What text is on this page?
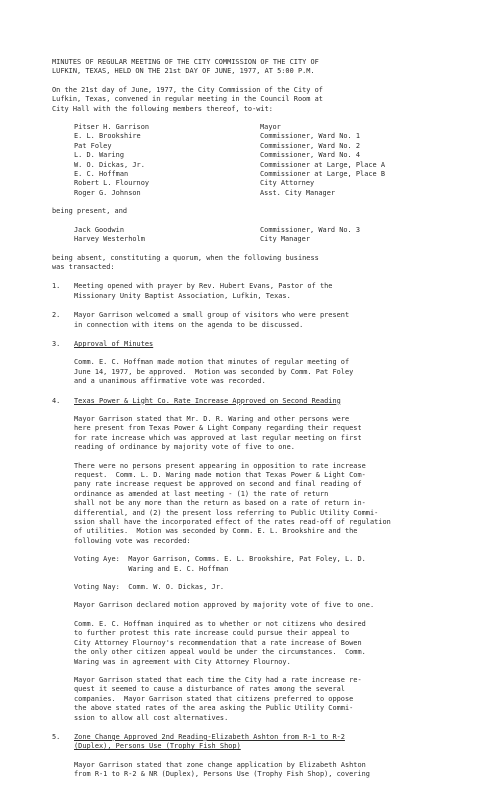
MINUTES OF REGULAR MEETING OF THE CITY COMMISSION OF THE CITY OF
LUFKIN, TEXAS, HELD ON THE 21st DAY OF JUNE, 1977, AT 5:00 P.M.
On the 21st day of June, 1977, the City Commission of the City of
Lufkin, Texas, convened in regular meeting in the Council Room at
City Hall with the following members thereof, to-wit:
Pitser H. Garrison	Mayor
E. L. Brookshire	Commissioner, Ward No. 1
Pat Foley	Commissioner, Ward No. 2
L. D. Waring	Commissioner, Ward No. 4
W. O. Dickas, Jr.	Commissioner at Large, Place A
E. C. Hoffman	Commissioner at Large, Place B
Robert L. Flournoy	City Attorney
Roger G. Johnson	Asst. City Manager
being present, and
Jack Goodwin	Commissioner, Ward No. 3
Harvey Westerholm	City Manager
being absent, constituting a quorum, when the following business
was transacted:
1.	Meeting opened with prayer by Rev. Hubert Evans, Pastor of the
Missionary Unity Baptist Association, Lufkin, Texas.
2.	Mayor Garrison welcomed a small group of visitors who were present
in connection with items on the agenda to be discussed.
3.	Approval of Minutes
Comm. E. C. Hoffman made motion that minutes of regular meeting of
June 14, 1977, be approved.  Motion was seconded by Comm. Pat Foley
and a unanimous affirmative vote was recorded.
4.	Texas Power & Light Co. Rate Increase Approved on Second Reading
Mayor Garrison stated that Mr. D. R. Waring and other persons were
here present from Texas Power & Light Company regarding their request
for rate increase which was approved at last regular meeting on first
reading of ordinance by majority vote of five to one.
There were no persons present appearing in opposition to rate increase
request.  Comm. L. D. Waring made motion that Texas Power & Light Com-
pany rate increase request be approved on second and final reading of
ordinance as amended at last meeting - (1) the rate of return
shall not be any more than the return as based on a rate of return in-
differential, and (2) the present loss referring to Public Utility Commi-
ssion shall have the incorporated effect of the rates read-off of regulation
of utilities.  Motion was seconded by Comm. E. L. Brookshire and the
following vote was recorded:
Voting Aye:  Mayor Garrison, Comms. E. L. Brookshire, Pat Foley, L. D.
Waring and E. C. Hoffman
Voting Nay:  Comm. W. O. Dickas, Jr.
Mayor Garrison declared motion approved by majority vote of five to one.
Comm. E. C. Hoffman inquired as to whether or not citizens who desired
to further protest this rate increase could pursue their appeal to
City Attorney Flournoy's recommendation that a rate increase of Bowen
the only other citizen appeal would be under the circumstances.  Comm.
Waring was in agreement with City Attorney Flournoy.
Mayor Garrison stated that each time the City had a rate increase re-
quest it seemed to cause a disturbance of rates among the several
companies.  Mayor Garrison stated that citizens preferred to oppose
the above stated rates of the area asking the Public Utility Commi-
ssion to allow all cost alternatives.
5.	Zone Change Approved 2nd Reading-Elizabeth Ashton from R-1 to R-2
(Duplex), Persons Use (Trophy Fish Shop)
Mayor Garrison stated that zone change application by Elizabeth Ashton
from R-1 to R-2 & NR (Duplex), Persons Use (Trophy Fish Shop), covering
